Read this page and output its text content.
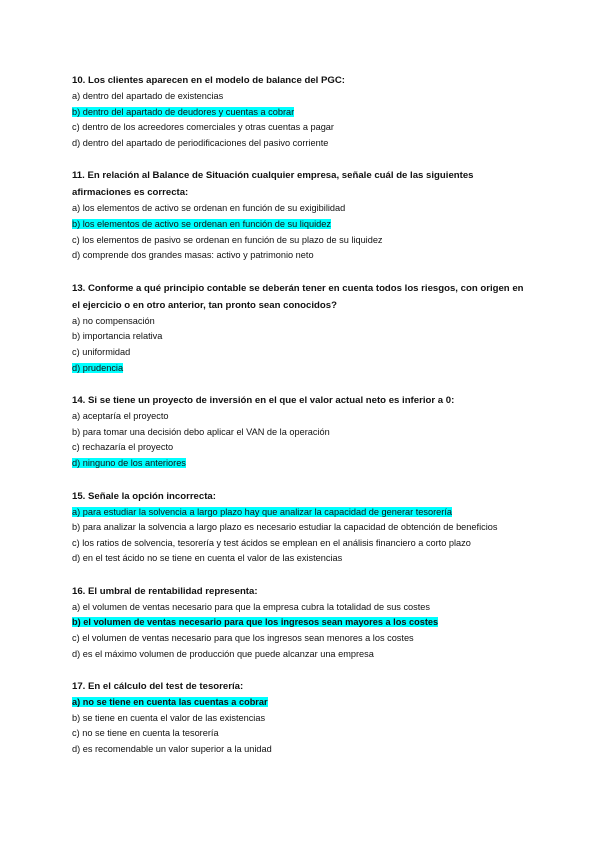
10. Los clientes aparecen en el modelo de balance del PGC:
a) dentro del apartado de existencias
b) dentro del apartado de deudores y cuentas a cobrar
c) dentro de los acreedores comerciales y otras cuentas a pagar
d) dentro del apartado de periodificaciones del pasivo corriente
11. En relación al Balance de Situación cualquier empresa, señale cuál de las siguientes afirmaciones es correcta:
a) los elementos de activo se ordenan en función de su exigibilidad
b) los elementos de activo se ordenan en función de su liquidez
c) los elementos de pasivo se ordenan en función de su plazo de su liquidez
d) comprende dos grandes masas: activo y patrimonio neto
13. Conforme a qué principio contable se deberán tener en cuenta todos los riesgos, con origen en el ejercicio o en otro anterior, tan pronto sean conocidos?
a) no compensación
b) importancia relativa
c) uniformidad
d) prudencia
14. Si se tiene un proyecto de inversión en el que el valor actual neto es inferior a 0:
a) aceptaría el proyecto
b) para tomar una decisión debo aplicar el VAN de la operación
c) rechazaría el proyecto
d) ninguno de los anteriores
15. Señale la opción incorrecta:
a) para estudiar la solvencia a largo plazo hay que analizar la capacidad de generar tesorería
b) para analizar la solvencia a largo plazo es necesario estudiar la capacidad de obtención de beneficios
c) los ratios de solvencia, tesorería y test ácidos se emplean en el análisis financiero a corto plazo
d) en el test ácido no se tiene en cuenta el valor de las existencias
16. El umbral de rentabilidad representa:
a) el volumen de ventas necesario para que la empresa cubra la totalidad de sus costes
b) el volumen de ventas necesario para que los ingresos sean mayores a los costes
c) el volumen de ventas necesario para que los ingresos sean menores a los costes
d) es el máximo volumen de producción que puede alcanzar una empresa
17. En el cálculo del test de tesorería:
a) no se tiene en cuenta las cuentas a cobrar
b) se tiene en cuenta el valor de las existencias
c) no se tiene en cuenta la tesorería
d) es recomendable un valor superior a la unidad
